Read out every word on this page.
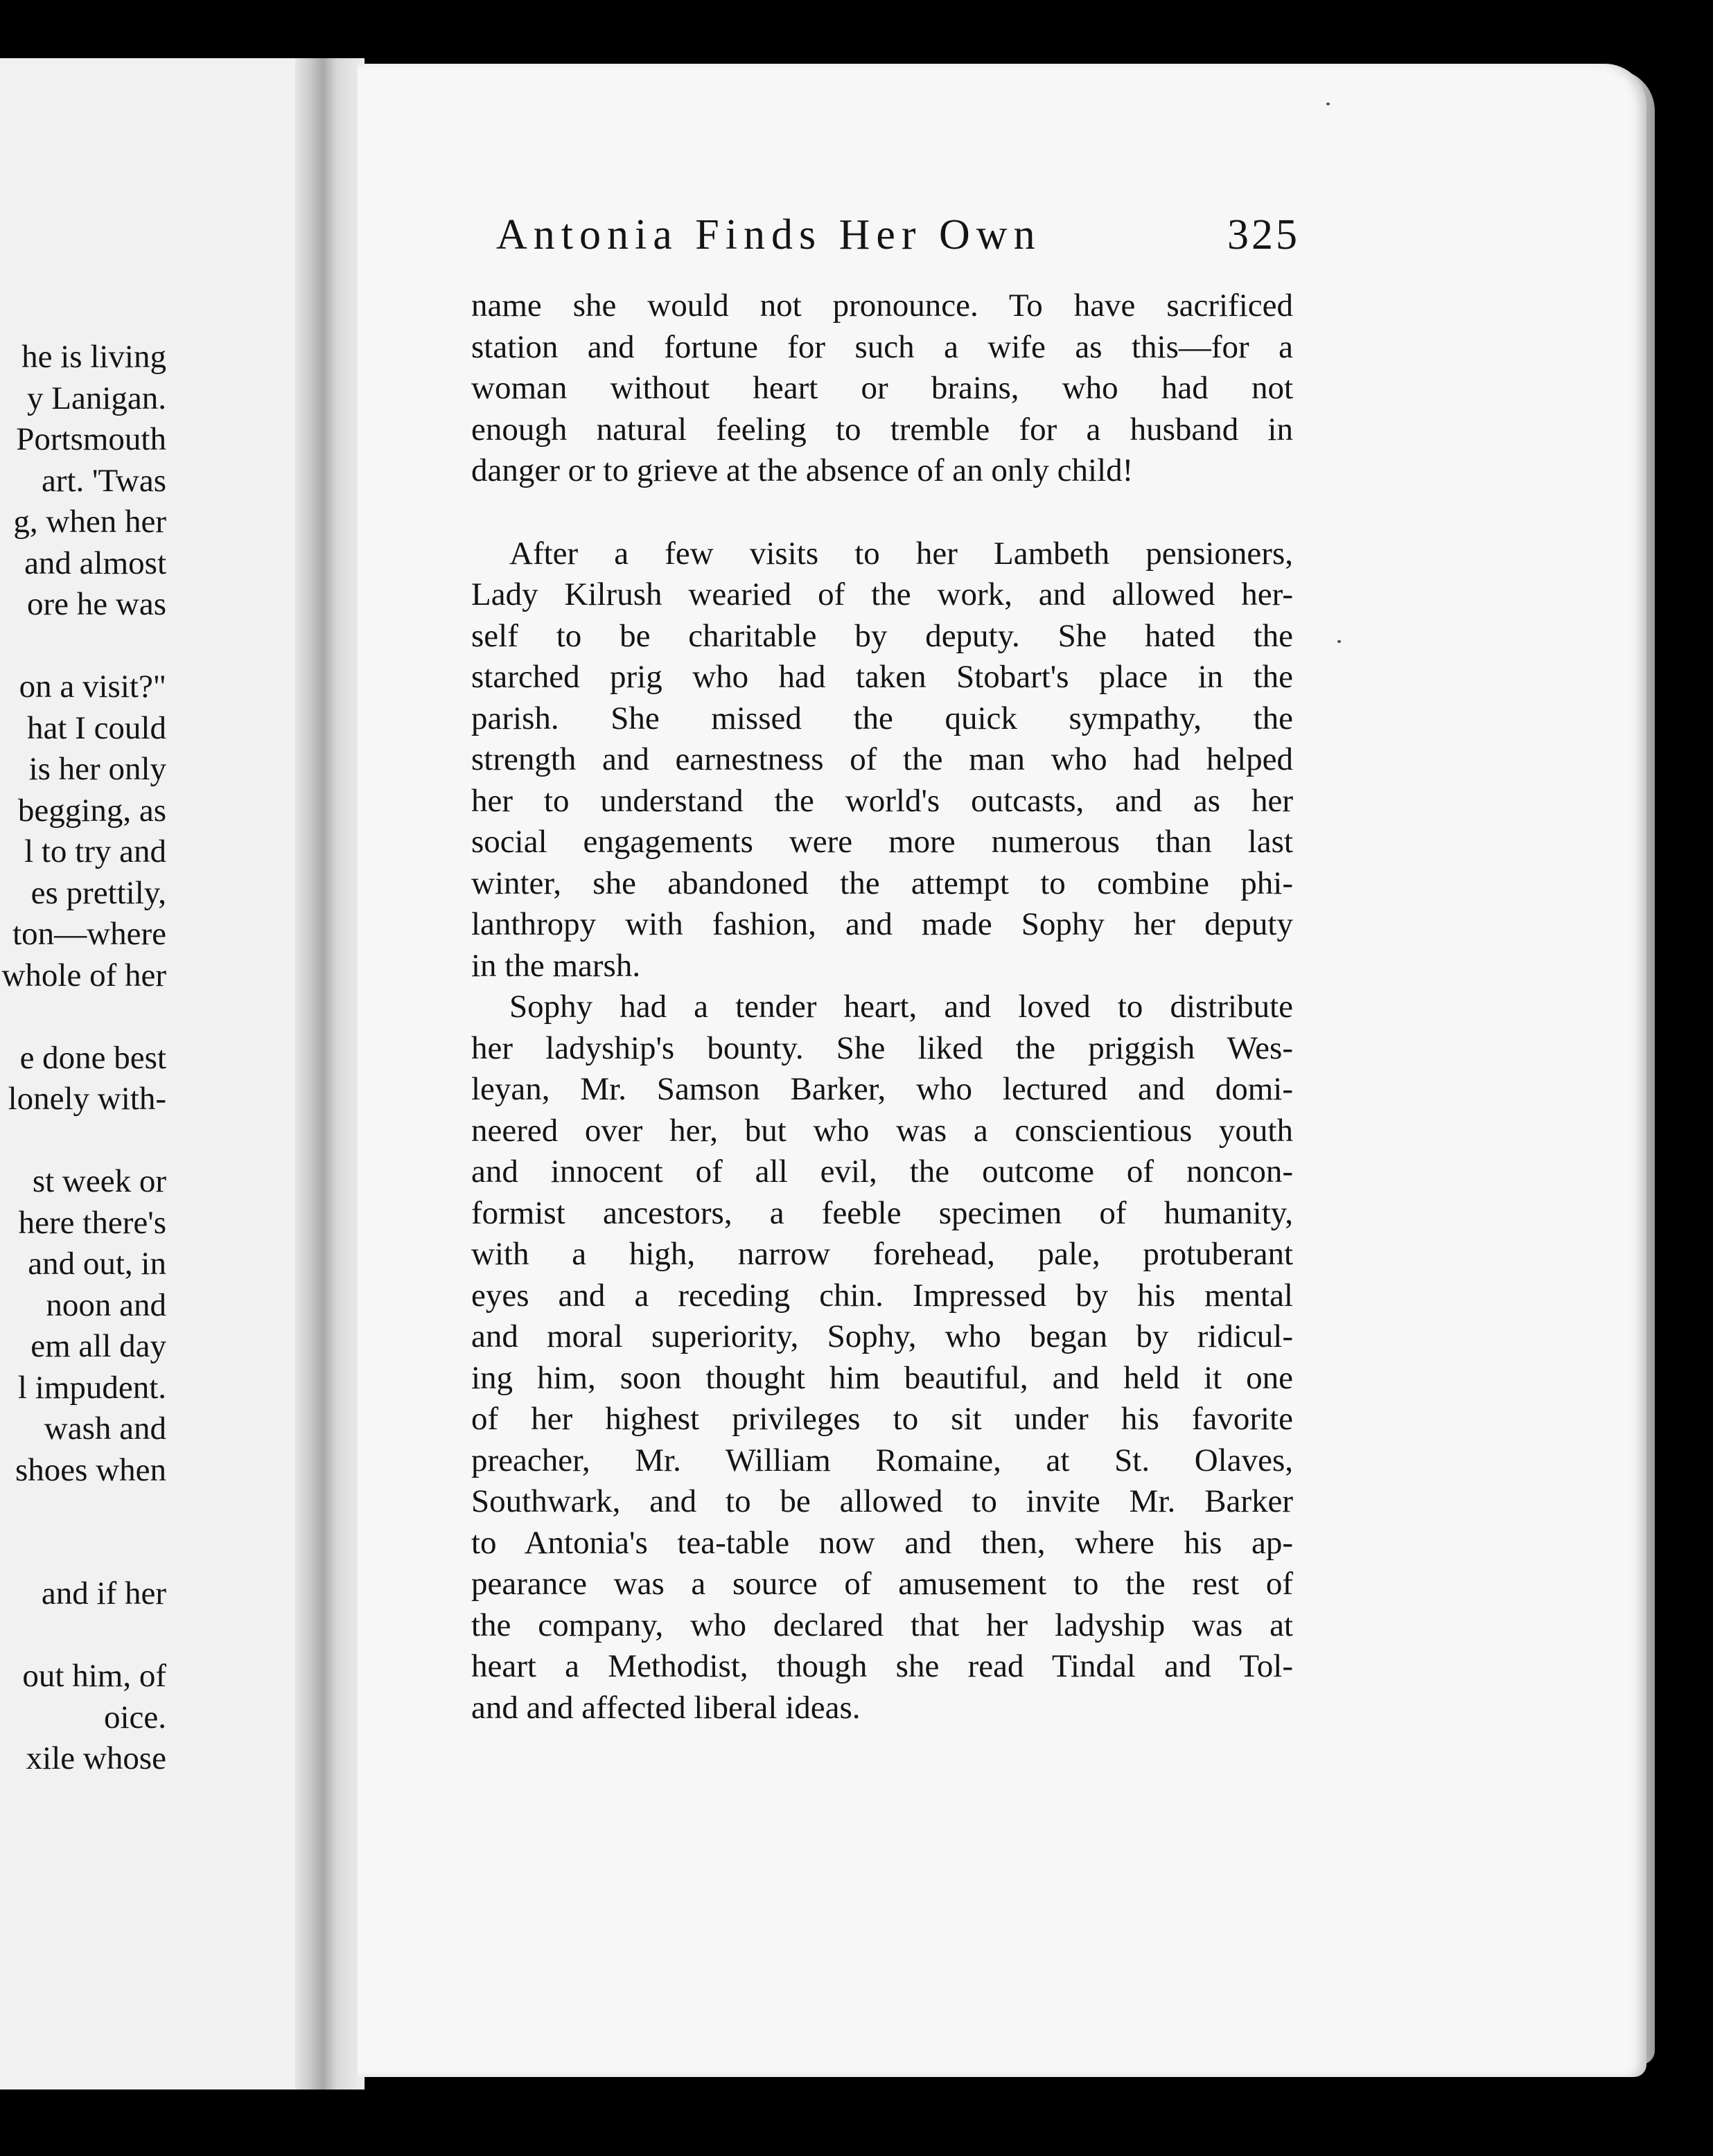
he is living
y Lanigan.
Portsmouth
art. 'Twas
g, when her
and almost
ore he was
on a visit?"
hat I could
is her only
begging, as
l to try and
es prettily,
ton—where
whole of her
e done best
lonely with-
st week or
here there's
and out, in
noon and
em all day
l impudent.
wash and
shoes when
and if her
out him, of
oice.
xile whose
Antonia Finds Her Own	325
name she would not pronounce. To have sacrificed
station and fortune for such a wife as this—for a
woman without heart or brains, who had not
enough natural feeling to tremble for a husband in
danger or to grieve at the absence of an only child!
After a few visits to her Lambeth pensioners,
Lady Kilrush wearied of the work, and allowed her-
self to be charitable by deputy. She hated the
starched prig who had taken Stobart's place in the
parish. She missed the quick sympathy, the
strength and earnestness of the man who had helped
her to understand the world's outcasts, and as her
social engagements were more numerous than last
winter, she abandoned the attempt to combine phi-
lanthropy with fashion, and made Sophy her deputy
in the marsh.
Sophy had a tender heart, and loved to distribute
her ladyship's bounty. She liked the priggish Wes-
leyan, Mr. Samson Barker, who lectured and domi-
neered over her, but who was a conscientious youth
and innocent of all evil, the outcome of noncon-
formist ancestors, a feeble specimen of humanity,
with a high, narrow forehead, pale, protuberant
eyes and a receding chin. Impressed by his mental
and moral superiority, Sophy, who began by ridicul-
ing him, soon thought him beautiful, and held it one
of her highest privileges to sit under his favorite
preacher, Mr. William Romaine, at St. Olaves,
Southwark, and to be allowed to invite Mr. Barker
to Antonia's tea-table now and then, where his ap-
pearance was a source of amusement to the rest of
the company, who declared that her ladyship was at
heart a Methodist, though she read Tindal and Tol-
and and affected liberal ideas.
